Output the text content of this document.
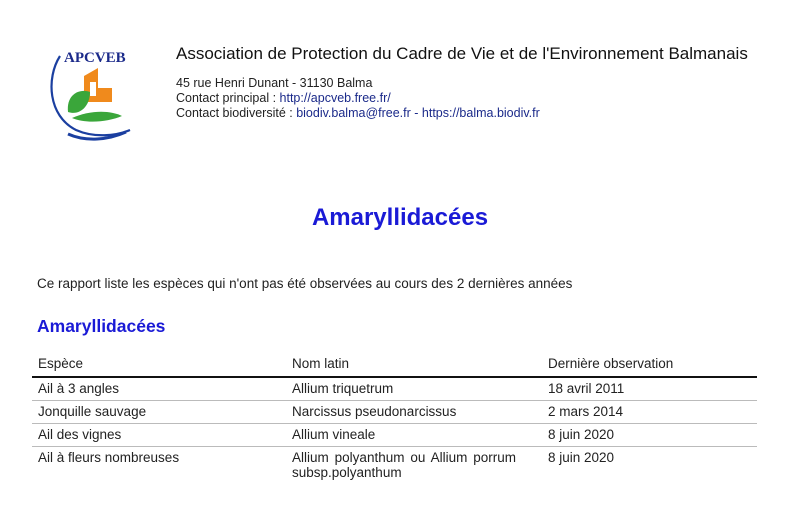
APCVEB	Association de Protection du Cadre de Vie et de l'Environnement Balmanais
45 rue Henri Dunant - 31130 Balma
Contact principal : http://apcveb.free.fr/
Contact biodiversité : biodiv.balma@free.fr - https://balma.biodiv.fr
Amaryllidacées

Ce rapport liste les espèces qui n'ont pas été observées au cours des 2 dernières années

Amaryllidacées
Espèce	Nom latin	Dernière observation
Ail à 3 angles	Allium triquetrum	18 avril 2011
Jonquille sauvage	Narcissus pseudonarcissus	2 mars 2014
Ail des vignes	Allium vineale	8 juin 2020
Ail à fleurs nombreuses	Allium polyanthum ou Allium porrum subsp.polyanthum	8 juin 2020
